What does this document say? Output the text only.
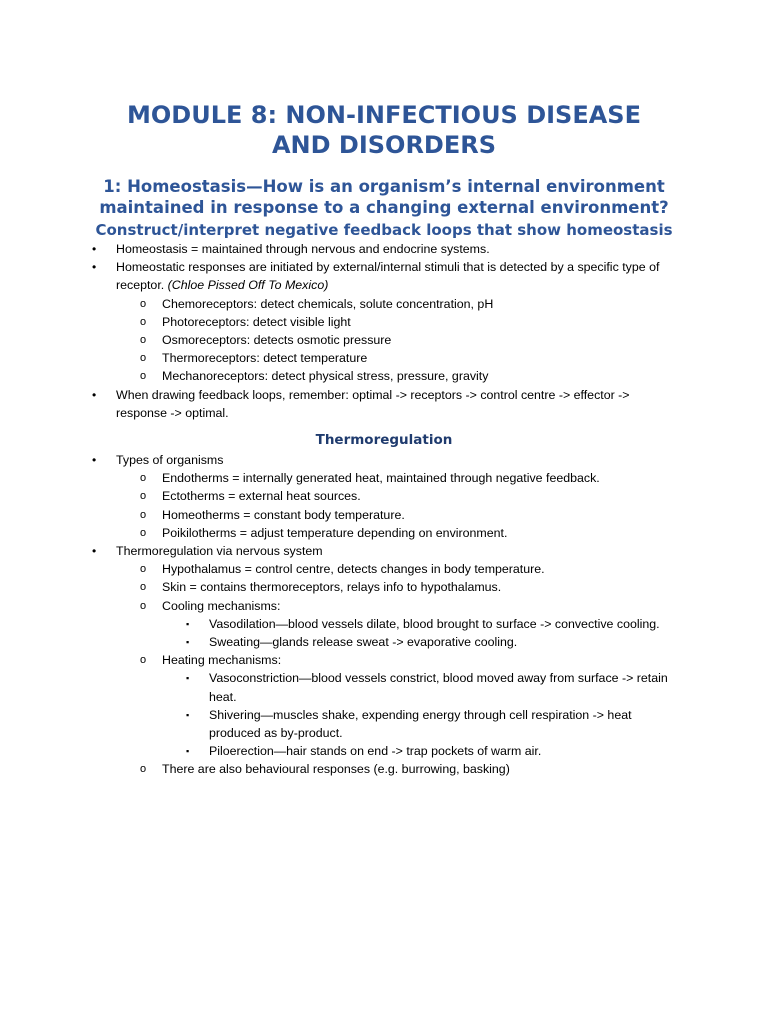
MODULE 8: NON-INFECTIOUS DISEASE AND DISORDERS
1: Homeostasis—How is an organism’s internal environment maintained in response to a changing external environment?
Construct/interpret negative feedback loops that show homeostasis
• Homeostasis = maintained through nervous and endocrine systems.
• Homeostatic responses are initiated by external/internal stimuli that is detected by a specific type of receptor. (Chloe Pissed Off To Mexico)
o Chemoreceptors: detect chemicals, solute concentration, pH
o Photoreceptors: detect visible light
o Osmoreceptors: detects osmotic pressure
o Thermoreceptors: detect temperature
o Mechanoreceptors: detect physical stress, pressure, gravity
• When drawing feedback loops, remember: optimal -> receptors -> control centre -> effector -> response -> optimal.
Thermoregulation
• Types of organisms
o Endotherms = internally generated heat, maintained through negative feedback.
o Ectotherms = external heat sources.
o Homeotherms = constant body temperature.
o Poikilotherms = adjust temperature depending on environment.
• Thermoregulation via nervous system
o Hypothalamus = control centre, detects changes in body temperature.
o Skin = contains thermoreceptors, relays info to hypothalamus.
o Cooling mechanisms:
▪ Vasodilation—blood vessels dilate, blood brought to surface -> convective cooling.
▪ Sweating—glands release sweat -> evaporative cooling.
o Heating mechanisms:
▪ Vasoconstriction—blood vessels constrict, blood moved away from surface -> retain heat.
▪ Shivering—muscles shake, expending energy through cell respiration -> heat produced as by-product.
▪ Piloerection—hair stands on end -> trap pockets of warm air.
o There are also behavioural responses (e.g. burrowing, basking)
